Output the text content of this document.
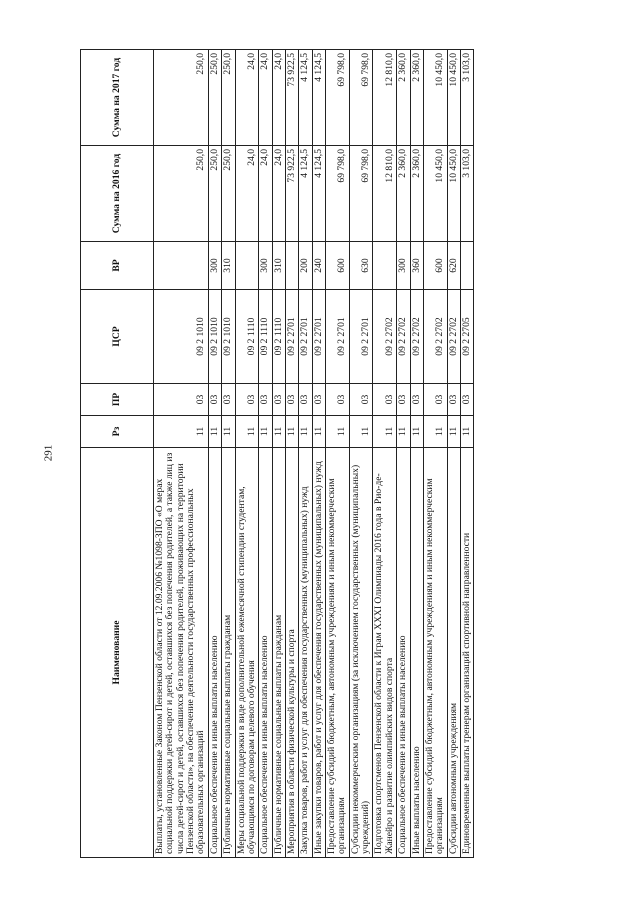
291
Наименование	Рз	ПР	ЦСР	ВР	Сумма на 2016 год	Сумма на 2017 год
Выплаты, установленные Законом Пензенской области от 12.09.2006 №1098-ЗПО «О мерах социальной поддержки детей-сирот и детей, оставшихся без попечения родителей, а также лиц из числа детей-сирот и детей, оставшихся без попечения родителей, проживающих на территории Пензенской области», на обеспечение деятельности государственных профессиональных образовательных организаций	11	03	09 2 1010		250,0	250,0
Социальное обеспечение и иные выплаты населению	11	03	09 2 1010	300	250,0	250,0
Публичные нормативные социальные выплаты гражданам	11	03	09 2 1010	310	250,0	250,0
Меры социальной поддержки в виде дополнительной ежемесячной стипендии студентам, обучающимся по договорам целевого обучения	11	03	09 2 1110		24,0	24,0
Социальное обеспечение и иные выплаты населению	11	03	09 2 1110	300	24,0	24,0
Публичные нормативные социальные выплаты гражданам	11	03	09 2 1110	310	24,0	24,0
Мероприятия в области физической культуры и спорта	11	03	09 2 2701		73 922,5	73 922,5
Закупка товаров, работ и услуг для обеспечения государственных (муниципальных) нужд	11	03	09 2 2701	200	4 124,5	4 124,5
Иные закупки товаров, работ и услуг для обеспечения государственных (муниципальных) нужд	11	03	09 2 2701	240	4 124,5	4 124,5
Предоставление субсидий бюджетным, автономным учреждениям и иным некоммерческим организациям	11	03	09 2 2701	600	69 798,0	69 798,0
Субсидии некоммерческим организациям (за исключением государственных (муниципальных) учреждений)	11	03	09 2 2701	630	69 798,0	69 798,0
Подготовка спортсменов Пензенской области к Играм XXXI Олимпиады 2016 года в Рио-де-Жанейро и развитие олимпийских видов спорта	11	03	09 2 2702		12 810,0	12 810,0
Социальное обеспечение и иные выплаты населению	11	03	09 2 2702	300	2 360,0	2 360,0
Иные выплаты населению	11	03	09 2 2702	360	2 360,0	2 360,0
Предоставление субсидий бюджетным, автономным учреждениям и иным некоммерческим организациям	11	03	09 2 2702	600	10 450,0	10 450,0
Субсидии автономным учреждениям	11	03	09 2 2702	620	10 450,0	10 450,0
Единовременные выплаты тренерам организаций спортивной направленности	11	03	09 2 2705		3 103,0	3 103,0
